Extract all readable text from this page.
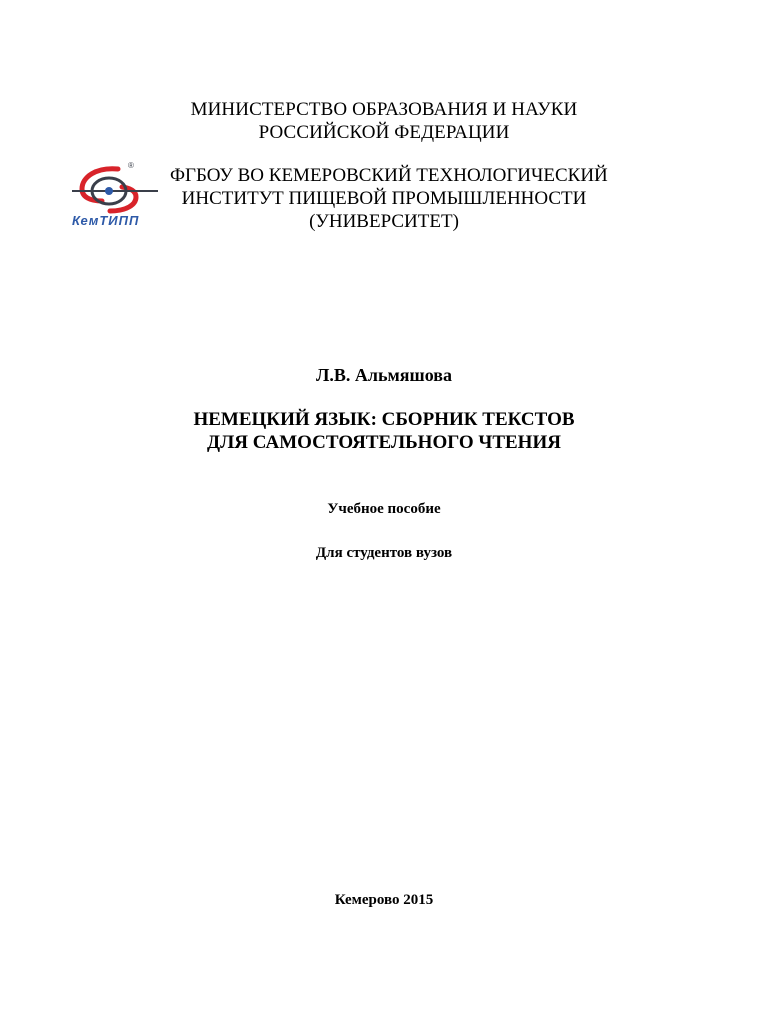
МИНИСТЕРСТВО ОБРАЗОВАНИЯ И НАУКИ
РОССИЙСКОЙ ФЕДЕРАЦИИ
®
КемТИПП
ФГБОУ ВО КЕМЕРОВСКИЙ ТЕХНОЛОГИЧЕСКИЙ
ИНСТИТУТ ПИЩЕВОЙ ПРОМЫШЛЕННОСТИ
(УНИВЕРСИТЕТ)
Л.В. Альмяшова
НЕМЕЦКИЙ ЯЗЫК: СБОРНИК ТЕКСТОВ
ДЛЯ САМОСТОЯТЕЛЬНОГО ЧТЕНИЯ
Учебное пособие
Для студентов вузов
Кемерово 2015
